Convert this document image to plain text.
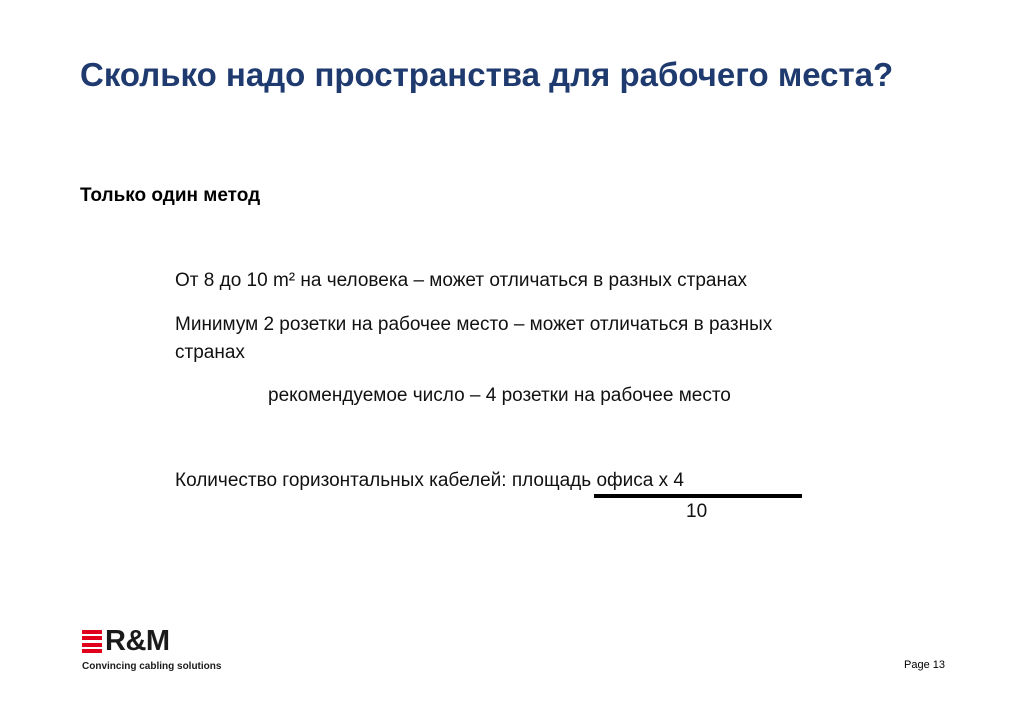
Сколько надо пространства для рабочего места?
Только один метод
От 8 до 10 m² на человека – может отличаться в разных странах
Минимум 2 розетки на рабочее место – может отличаться в разных
странах
рекомендуемое число – 4 розетки на рабочее место
Количество горизонтальных кабелей: площадь офиса x 4
10
R&M
Convincing cabling solutions	Page 13
